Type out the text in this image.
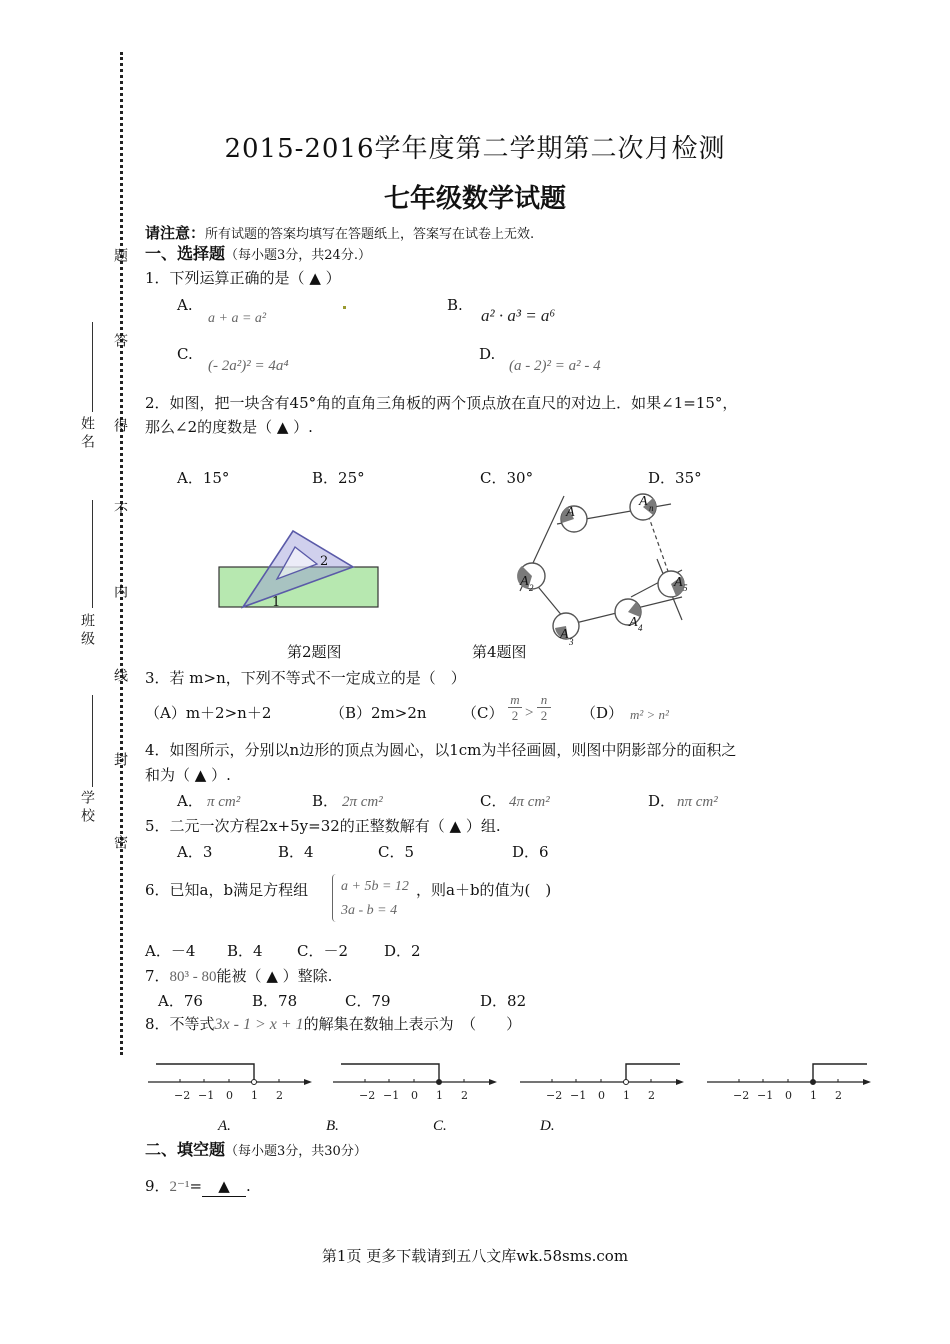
题
答
得
不
内
线
封
密
姓名
班级
学校
2015-2016学年度第二学期第二次月检测
七年级数学试题
请注意：所有试题的答案均填写在答题纸上，答案写在试卷上无效.
一、选择题（每小题3分，共24分.）
1．下列运算正确的是（ ▲ ）
A.
a + a = a²
B.
a² · a³ = a⁶
C.
(- 2a²)² = 4a⁴
D.
(a - 2)² = a² - 4
2．如图，把一块含有45°角的直角三角板的两个顶点放在直尺的对边上．如果∠1=15°，
那么∠2的度数是（ ▲ ）.
A．15°	B．25°	C．30°	D．35°
2
1
第2题图
A
A n
A 2	A 5
A 3
A 4
第4题图
3．若 m>n，下列不等式不一定成立的是（　）
（A）m＋2>n＋2	（B）2m>2n （C）
m
2 >
n
2 （D） m² > n²
4．如图所示，分别以n边形的顶点为圆心，以1cm为半径画圆，则图中阴影部分的面积之
和为（ ▲ ）.
A． π cm²	B． 2π cm²	C． 4π cm²	D． nπ cm²
5．二元一次方程2x+5y=32的正整数解有（ ▲ ）组.
A．3	B．4	C．5	D．6
6．已知a，b满足方程组 a + 5b = 12
3a - b = 4
，则a＋b的值为(　)
A．－4 B．4 C．－2 D．2
7．80³ - 80能被（ ▲ ）整除.
A．76	B．78	C．79	D．82
8．不等式3x - 1 > x + 1的解集在数轴上表示为　（　　）
−2 −1 0 1 2	−2 −1 0 1 2	−2 −1 0 1 2	−2 −1 0 1 2
A.	B.	C.	D.
二、填空题（每小题3分，共30分）
9．2⁻¹= ▲ .
第1页 更多下载请到五八文库wk.58sms.com
